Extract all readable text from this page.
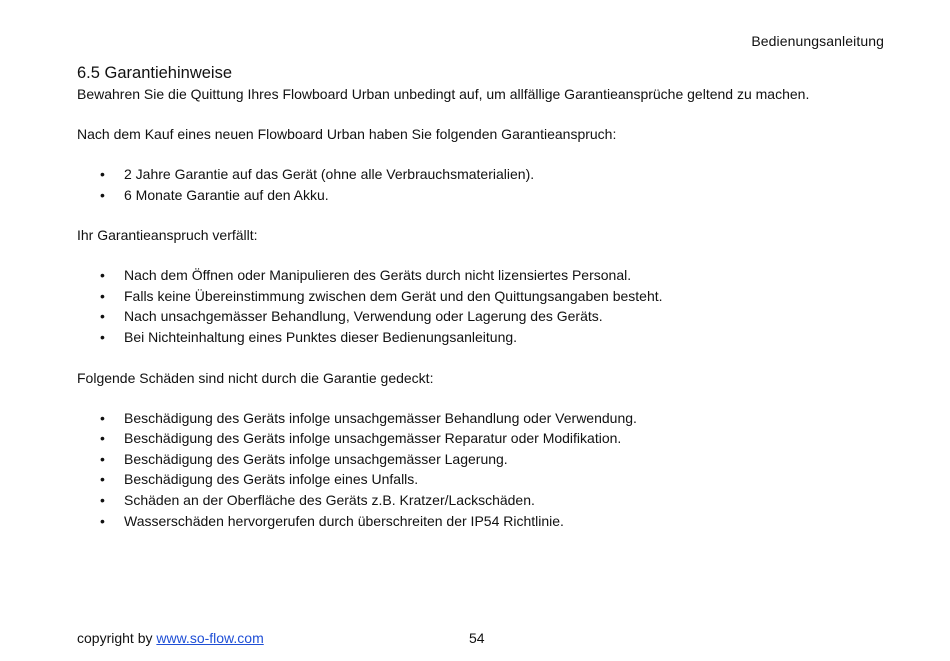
Bedienungsanleitung
6.5 Garantiehinweise

Bewahren Sie die Quittung Ihres Flowboard Urban unbedingt auf, um allfällige Garantieansprüche geltend zu machen.

Nach dem Kauf eines neuen Flowboard Urban haben Sie folgenden Garantieanspruch:

• 2 Jahre Garantie auf das Gerät (ohne alle Verbrauchsmaterialien).
• 6 Monate Garantie auf den Akku.

Ihr Garantieanspruch verfällt:

• Nach dem Öffnen oder Manipulieren des Geräts durch nicht lizensiertes Personal.
• Falls keine Übereinstimmung zwischen dem Gerät und den Quittungsangaben besteht.
• Nach unsachgemässer Behandlung, Verwendung oder Lagerung des Geräts.
• Bei Nichteinhaltung eines Punktes dieser Bedienungsanleitung.

Folgende Schäden sind nicht durch die Garantie gedeckt:

• Beschädigung des Geräts infolge unsachgemässer Behandlung oder Verwendung.
• Beschädigung des Geräts infolge unsachgemässer Reparatur oder Modifikation.
• Beschädigung des Geräts infolge unsachgemässer Lagerung.
• Beschädigung des Geräts infolge eines Unfalls.
• Schäden an der Oberfläche des Geräts z.B. Kratzer/Lackschäden.
• Wasserschäden hervorgerufen durch überschreiten der IP54 Richtlinie.
copyright by www.so-flow.com	54
